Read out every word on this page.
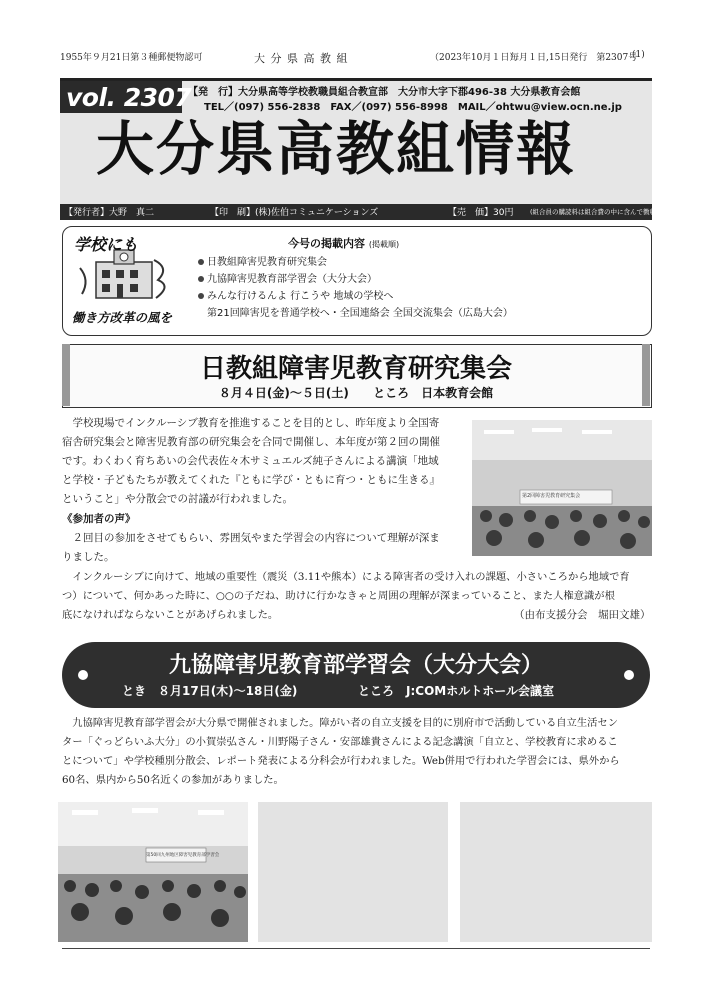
1955年９月21日第３種郵便物認可	大 分 県 高 教 組	（2023年10月１日）
毎月１日,15日発行　第2307号
(1)
vol. 2307
【発　行】大分県高等学校教職員組合教宣部　大分市大字下郡496-38 大分県教育会館
TEL／(097) 556-2838　FAX／(097) 556-8998　MAIL／ohtwu@view.ocn.ne.jp
大分県高教組情報
【発行者】大野　真二	【印　刷】(株)佐伯コミュニケーションズ	【売　価】30円	(組合員の購読料は組合費の中に含んで徴収しています)
学校にも
働き方改革の風を
今号の掲載内容 (掲載順)
日教組障害児教育研究集会
九協障害児教育部学習会（大分大会）
みんな行けるんよ 行こうや 地域の学校へ
第21回障害児を普通学校へ・全国連絡会 全国交流集会（広島大会）
日教組障害児教育研究集会
８月４日(金)〜５日(土) ところ　日本教育会館
学校現場でインクルーシブ教育を推進することを目的とし、昨年度より全国寄
宿舎研究集会と障害児教育部の研究集会を合同で開催し、本年度が第２回の開催
です。わくわく育ちあいの会代表佐々木サミュエルズ純子さんによる講演「地域
と学校・子どもたちが教えてくれた『ともに学び・ともに育つ・ともに生きる』
ということ」や分散会での討議が行われました。
《参加者の声》
２回目の参加をさせてもらい、雰囲気やまた学習会の内容について理解が深ま
りました。
インクルーシブに向けて、地域の重要性（震災（3.11や熊本）による障害者の受け入れの課題、小さいころから地域で育
つ）について、何かあった時に、○○の子だね、助けに行かなきゃと周囲の理解が深まっていること、また人権意識が根
底になければならないことがあげられました。	（由布支援分会　堀田文雄）
第2回障害児教育研究集会
九協障害児教育部学習会（大分大会）
とき　８月17日(木)〜18日(金)	ところ　J:COMホルトホール会議室
九協障害児教育部学習会が大分県で開催されました。障がい者の自立支援を目的に別府市で活動している自立生活セン
ター「ぐっどらいふ大分」の小賀崇弘さん・川野陽子さん・安部雄貴さんによる記念講演「自立と、学校教育に求めるこ
とについて」や学校種別分散会、レポート発表による分科会が行われました。Web併用で行われた学習会には、県外から
60名、県内から50名近くの参加がありました。
第50回九州地区障害児教育部学習会
